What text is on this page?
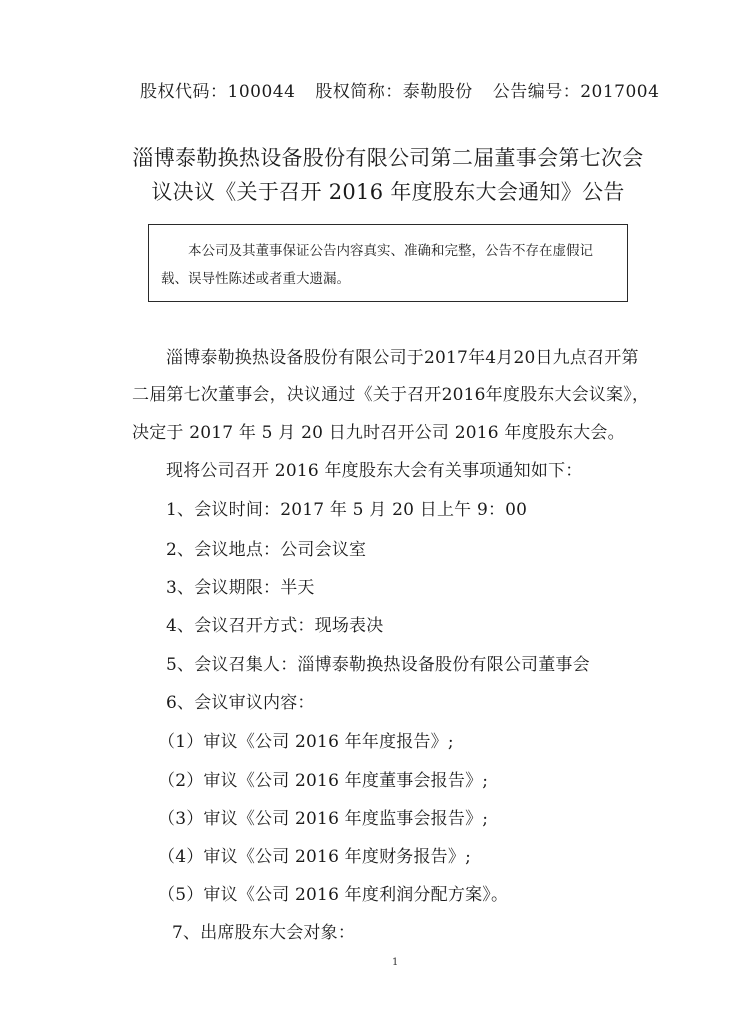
股权代码：100044 股权简称：泰勒股份 公告编号：2017004
淄博泰勒换热设备股份有限公司第二届董事会第七次会
议决议《关于召开 2016 年度股东大会通知》公告
本公司及其董事保证公告内容真实、准确和完整，公告不存在虚假记
载、误导性陈述或者重大遗漏。
淄博泰勒换热设备股份有限公司于2017年4月20日九点召开第
二届第七次董事会，决议通过《关于召开2016年度股东大会议案》，
决定于 2017 年 5 月 20 日九时召开公司 2016 年度股东大会。
现将公司召开 2016 年度股东大会有关事项通知如下：
1、会议时间：2017 年 5 月 20 日上午 9：00
2、会议地点：公司会议室
3、会议期限：半天
4、会议召开方式：现场表决
5、会议召集人：淄博泰勒换热设备股份有限公司董事会
6、会议审议内容：
（1）审议《公司 2016 年年度报告》;
（2）审议《公司 2016 年度董事会报告》;
（3）审议《公司 2016 年度监事会报告》;
（4）审议《公司 2016 年度财务报告》;
（5）审议《公司 2016 年度利润分配方案》。
7、出席股东大会对象：
1
